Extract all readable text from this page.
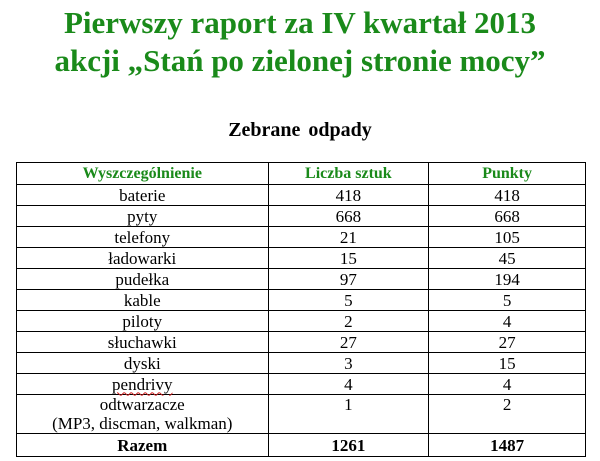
Pierwszy raport za IV kwartał 2013
akcji „Stań po zielonej stronie mocy”
Zebrane odpady
Wyszczególnienie	Liczba sztuk	Punkty
baterie	418	418
pyty	668	668
telefony	21	105
ładowarki	15	45
pudełka	97	194
kable	5	5
piloty	2	4
słuchawki	27	27
dyski	3	15
pendrivy	4	4

odtwarzacze
(MP3, discman, walkman)	1	2
Razem	1261	1487
